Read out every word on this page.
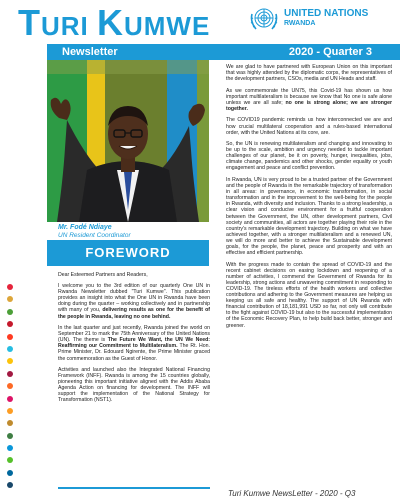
TURI KUMWE	UNITED NATIONS
RWANDA
Newsletter	2020 - Quarter 3
Mr. Fodé Ndiaye
UN Resident Coordinator
FOREWORD

Dear Esteemed Partners and Readers,

I welcome you to the 3rd edition of our quarterly One UN in Rwanda Newsletter dubbed "Turi Kumwe". This publication provides an insight into what the One UN in Rwanda have been doing during the quarter – working collectively and in partnership with many of you, delivering results as one for the benefit of the people in Rwanda, leaving no one behind.

In the last quarter and just recently, Rwanda joined the world on September 21 to mark the 75th Anniversary of the United Nations (UN). The theme is The Future We Want, the UN We Need: Reaffirming our Commitment to Multilateralism. The Rt. Hon. Prime Minister, Dr. Edouard Ngirente, the Prime Minister graced the commemoration as the Guest of Honor.

Activities and launched also the Integrated National Financing Framework (INFF). Rwanda is among the 15 countries globally, pioneering this important initiative aligned with the Addis Ababa Agenda Action on financing for development. The INFF will support the implementation of the National Strategy for Transformation (NST1).

We are glad to have partnered with European Union on this important that was highly attended by the diplomatic corps, the representatives of the development partners, CSOs, media and UN Heads and staff.

As we commemorate the UN75, this Covid-19 has shown us how important multilateralism is because we know that No one is safe alone unless we are all safe; no one is strong alone; we are stronger together.

The COVID19 pandemic reminds us how interconnected we are and how crucial multilateral cooperation and a rules-based international order, with the United Nations at its core, are.

So, the UN is renewing multilateralism and changing and innovating to be up to the scale, ambition and urgency needed to tackle important challenges of our planet, be it on poverty, hunger, inequalities, jobs, climate change, pandemics and other shocks, gender equality or youth engagement and peace and conflict prevention.

In Rwanda, UN is very proud to be a trusted partner of the Government and the people of Rwanda in the remarkable trajectory of transformation in all areas: in governance, in economic transformation, in social transformation and in the improvement to the well-being for the people in Rwanda, with diversity and inclusion. Thanks to a strong leadership, a clear vision and conducive environment for a fruitful cooperation between the Government, the UN, other development partners, Civil society and communities, all actors are together playing their role in the country's remarkable development trajectory. Building on what we have achieved together, with a stronger multilateralism and a renewed UN, we will do more and better to achieve the Sustainable development goals, for the people, the planet, peace and prosperity and with an effective and efficient partnership.

With the progress made to contain the spread of COVID-19 and the recent cabinet decisions on easing lockdown and reopening of a number of activities, I commend the Government of Rwanda for its leadership, strong actions and unwavering commitment in responding to COVID-19. The tireless efforts of the health workers and collective contributions and adhering to the Government measures are helping us keeping us all safe and healthy. The support of UN Rwanda with financial contribution of 18,181,991 USD so far, not only will contribute to the fight against COVID-19 but also to the successful implementation of the Economic Recovery Plan, to help build back better, stronger and greener.

Turi Kumwe NewsLetter - 2020 - Q3
